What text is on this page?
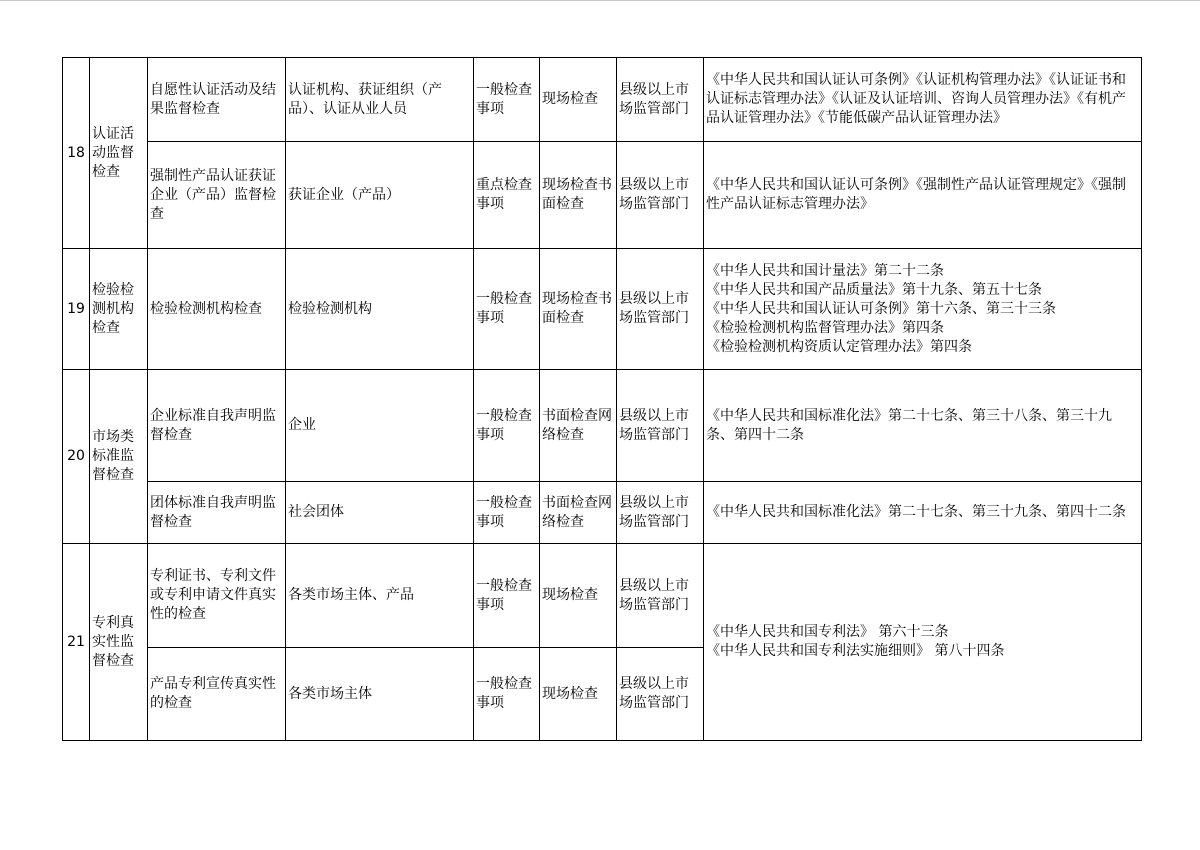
18	认证活动监督检查	自愿性认证活动及结果监督检查	认证机构、获证组织（产品）、认证从业人员	一般检查事项	现场检查	县级以上市场监管部门	《中华人民共和国认证认可条例》《认证机构管理办法》《认证证书和认证标志管理办法》《认证及认证培训、咨询人员管理办法》《有机产品认证管理办法》《节能低碳产品认证管理办法》
		强制性产品认证获证企业（产品）监督检查	获证企业（产品）	重点检查事项	现场检查书面检查	县级以上市场监管部门	《中华人民共和国认证认可条例》《强制性产品认证管理规定》《强制性产品认证标志管理办法》
19	检验检测机构检查	检验检测机构检查	检验检测机构	一般检查事项	现场检查书面检查	县级以上市场监管部门	《中华人民共和国计量法》第二十二条
《中华人民共和国产品质量法》第十九条、第五十七条
《中华人民共和国认证认可条例》第十六条、第三十三条
《检验检测机构监督管理办法》第四条
《检验检测机构资质认定管理办法》第四条

20	市场类标准监督检查	企业标准自我声明监督检查	企业	一般检查事项	书面检查网络检查	县级以上市场监管部门	《中华人民共和国标准化法》第二十七条、第三十八条、第三十九条、第四十二条
		团体标准自我声明监督检查	社会团体	一般检查事项	书面检查网络检查	县级以上市场监管部门	《中华人民共和国标准化法》第二十七条、第三十九条、第四十二条
21	专利真实性监督检查	专利证书、专利文件或专利申请文件真实性的检查	各类市场主体、产品	一般检查事项	现场检查	县级以上市场监管部门	《中华人民共和国专利法》 第六十三条
《中华人民共和国专利法实施细则》 第八十四条

		产品专利宣传真实性的检查	各类市场主体	一般检查事项	现场检查	县级以上市场监管部门	
